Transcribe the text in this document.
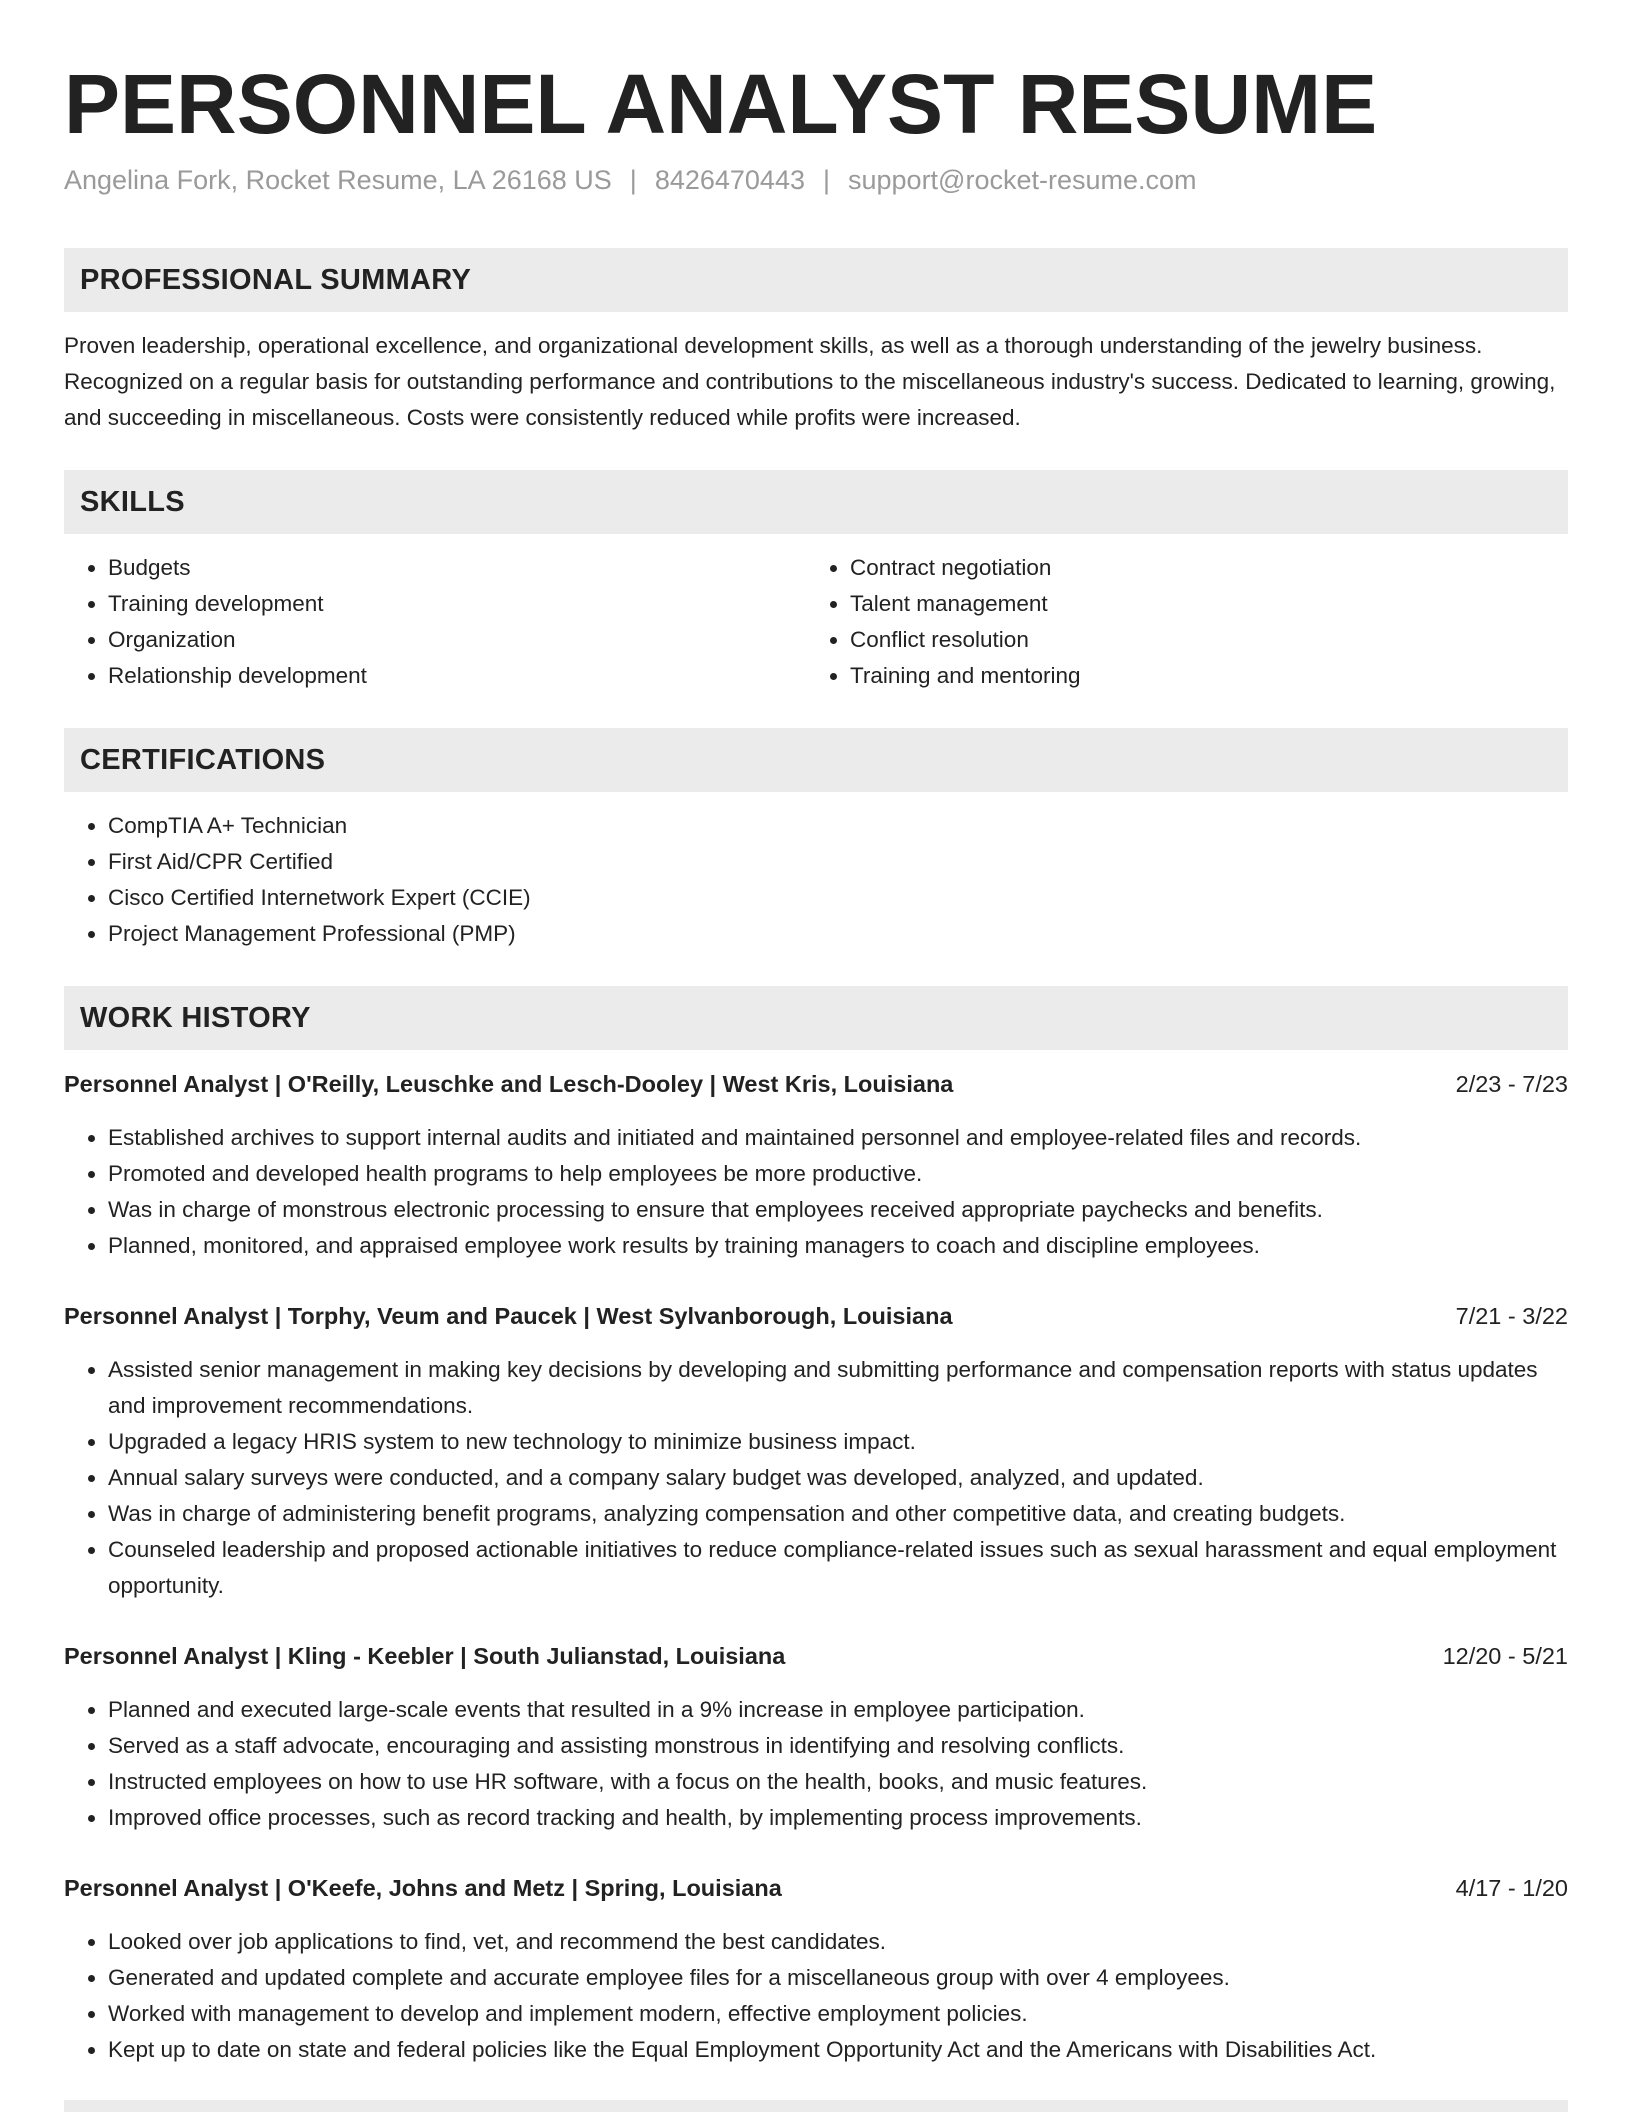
PERSONNEL ANALYST RESUME
Angelina Fork, Rocket Resume, LA 26168 US | 8426470443 | support@rocket-resume.com
PROFESSIONAL SUMMARY

Proven leadership, operational excellence, and organizational development skills, as well as a thorough understanding of the jewelry business. Recognized on a regular basis for outstanding performance and contributions to the miscellaneous industry's success. Dedicated to learning, growing, and succeeding in miscellaneous. Costs were consistently reduced while profits were increased.

SKILLS
• Budgets
• Training development
• Organization
• Relationship development
• Contract negotiation
• Talent management
• Conflict resolution
• Training and mentoring
CERTIFICATIONS
• CompTIA A+ Technician
• First Aid/CPR Certified
• Cisco Certified Internetwork Expert (CCIE)
• Project Management Professional (PMP)
WORK HISTORY
Personnel Analyst | O'Reilly, Leuschke and Lesch-Dooley | West Kris, Louisiana	2/23 - 7/23
• Established archives to support internal audits and initiated and maintained personnel and employee-related files and records.
• Promoted and developed health programs to help employees be more productive.
• Was in charge of monstrous electronic processing to ensure that employees received appropriate paychecks and benefits.
• Planned, monitored, and appraised employee work results by training managers to coach and discipline employees.
Personnel Analyst | Torphy, Veum and Paucek | West Sylvanborough, Louisiana	7/21 - 3/22
• Assisted senior management in making key decisions by developing and submitting performance and compensation reports with status updates and improvement recommendations.
• Upgraded a legacy HRIS system to new technology to minimize business impact.
• Annual salary surveys were conducted, and a company salary budget was developed, analyzed, and updated.
• Was in charge of administering benefit programs, analyzing compensation and other competitive data, and creating budgets.
• Counseled leadership and proposed actionable initiatives to reduce compliance-related issues such as sexual harassment and equal employment opportunity.
Personnel Analyst | Kling - Keebler | South Julianstad, Louisiana	12/20 - 5/21
• Planned and executed large-scale events that resulted in a 9% increase in employee participation.
• Served as a staff advocate, encouraging and assisting monstrous in identifying and resolving conflicts.
• Instructed employees on how to use HR software, with a focus on the health, books, and music features.
• Improved office processes, such as record tracking and health, by implementing process improvements.
Personnel Analyst | O'Keefe, Johns and Metz | Spring, Louisiana	4/17 - 1/20
• Looked over job applications to find, vet, and recommend the best candidates.
• Generated and updated complete and accurate employee files for a miscellaneous group with over 4 employees.
• Worked with management to develop and implement modern, effective employment policies.
• Kept up to date on state and federal policies like the Equal Employment Opportunity Act and the Americans with Disabilities Act.
